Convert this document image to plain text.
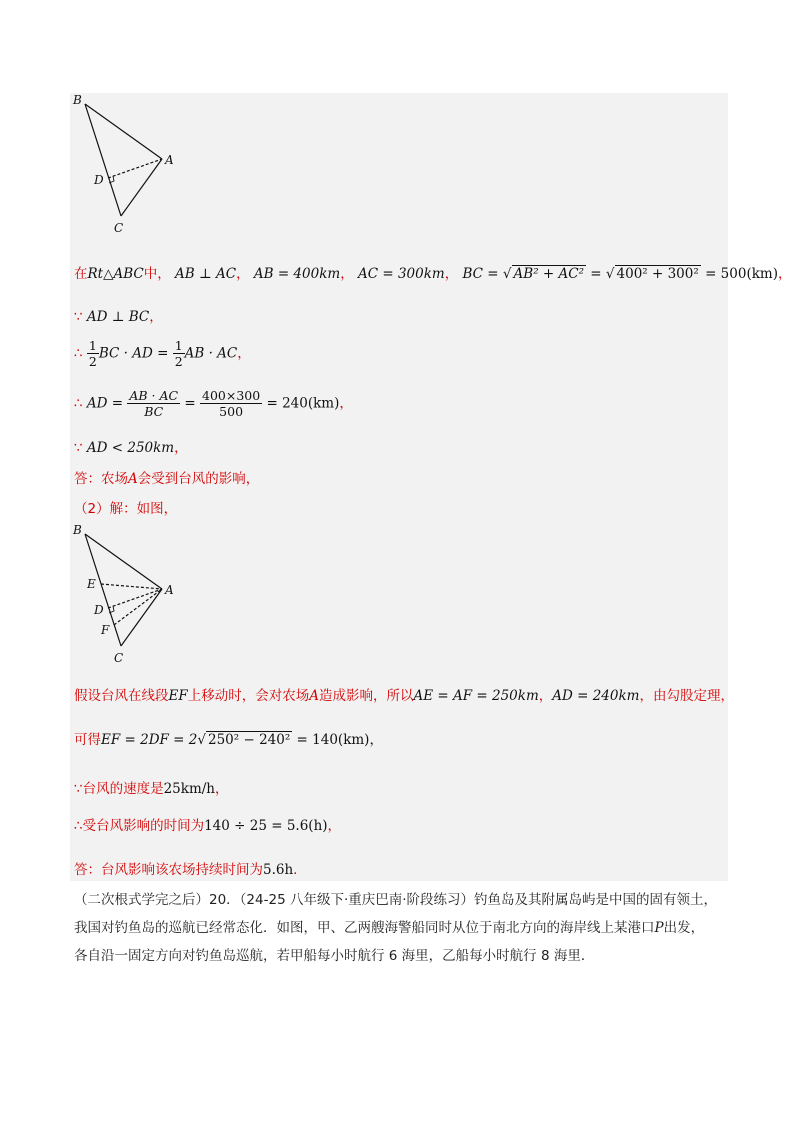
B
A
D
C
在Rt△ABC中， AB ⊥ AC， AB = 400km， AC = 300km， BC = √ AB² + AC² = √ 400² + 300² = 500(km)，
∵ AD ⊥ BC，
∴ $\frac{1}{2}$ BC · AD = $\frac{1}{2}$ AB · AC，
∴ AD = $\frac{AB \cdot AC}{BC} = \frac{400\times 300}{500} = 240(km)$，
∵ AD < 250km，
答：农场A会受到台风的影响，
（2）解：如图，
B
E	A
D
F
C
假设台风在线段EF上移动时，会对农场A造成影响，所以AE = AF = 250km，AD = 240km，由勾股定理，
可得EF = 2DF = 2√ 250² − 240² = 140(km)，
∵台风的速度是25km/h，
∴受台风影响的时间为140 ÷ 25 = 5.6(h)，
答：台风影响该农场持续时间为5.6h.
（二次根式学完之后）20．（24-25 八年级下·重庆巴南·阶段练习）钓鱼岛及其附属岛屿是中国的固有领土，
我国对钓鱼岛的巡航已经常态化．如图，甲、乙两艘海警船同时从位于南北方向的海岸线上某港口P出发，
各自沿一固定方向对钓鱼岛巡航，若甲船每小时航行 6 海里，乙船每小时航行 8 海里．
